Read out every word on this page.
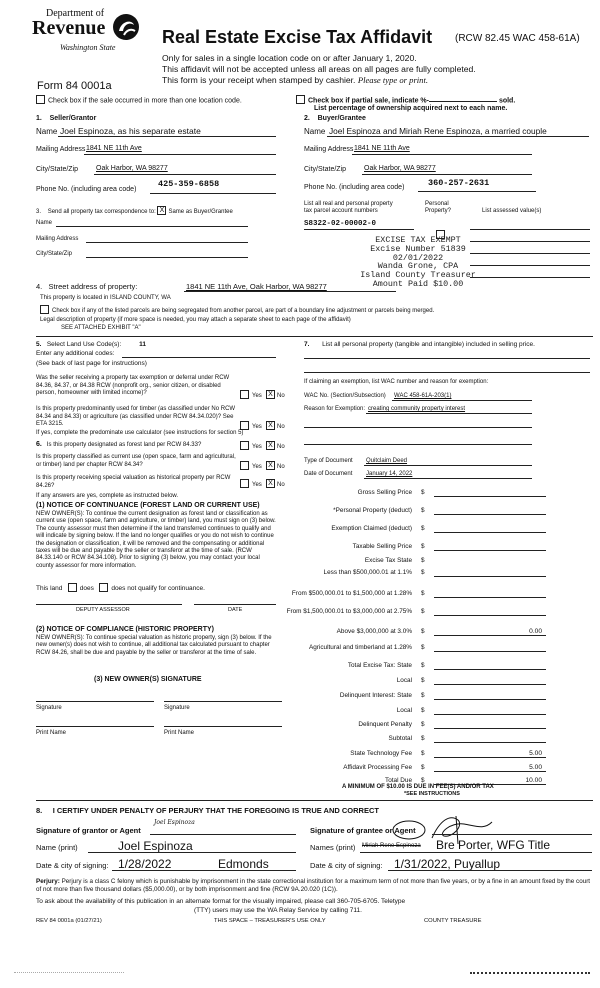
Department of
Revenue
Washington State
Form 84 0001a
Real Estate Excise Tax Affidavit (RCW 82.45 WAC 458-61A)
Only for sales in a single location code on or after January 1, 2020.
This affidavit will not be accepted unless all areas on all pages are fully completed.
This form is your receipt when stamped by cashier. Please type or print.
Check box if the sale occurred in more than one location code.	Check box if partial sale, indicate %-	sold.
List percentage of ownership acquired next to each name.
1. Seller/Grantor
Name Joel Espinoza, as his separate estate
Mailing Address 1841 NE 11th Ave
City/State/Zip	Oak Harbor, WA 98277
Phone No. (including area code)
425-359-6858
2. Buyer/Grantee
Name Joel Espinoza and Miriah Rene Espinoza, a married couple
Mailing Address 1841 NE 11th Ave
City/State/Zip	Oak Harbor, WA 98277
Phone No. (including area code)	360-257-2631
3. Send all property tax correspondence to: X Same as Buyer/Grantee
Name
Mailing Address
City/State/Zip
List all real and personal property
tax parcel account numbers
Personal
Property?	List assessed value(s)
S8322-02-00002-0
EXCISE TAX EXEMPT
Excise Number 51839
02/01/2022
Wanda Grone, CPA
Island County Treasurer
Amount Paid $10.00
4. Street address of property:	1841 NE 11th Ave, Oak Harbor, WA 98277
This property is located in ISLAND COUNTY, WA
Check box if any of the listed parcels are being segregated from another parcel, are part of a boundary line adjustment or parcels being merged.
Legal description of property (if more space is needed, you may attach a separate sheet to each page of the affidavit)
SEE ATTACHED EXHIBIT "A"
5. Select Land Use Code(s):	11
Enter any additional codes:
(See back of last page for instructions)
Was the seller receiving a property tax exemption or deferral under RCW 84.36, 84.37, or 84.38 RCW (nonprofit org., senior citizen, or disabled person, homeowner with limited income)?	Yes X No
Is this property predominantly used for timber (as classified under No RCW 84.34 and 84.33) or agriculture (as classified under RCW 84.34.020)? See ETA 3215.	Yes X No
If yes, complete the predominate use calculator (see instructions for section 5)
6. Is this property designated as forest land per RCW 84.33?	Yes X No
Is this property classified as current use (open space, farm and agricultural, or timber) land per chapter RCW 84.34?	Yes X No
Is this property receiving special valuation as historical property per RCW 84.26?	Yes X No
If any answers are yes, complete as instructed below.
(1) NOTICE OF CONTINUANCE (FOREST LAND OR CURRENT USE)
NEW OWNER(S): To continue the current designation as forest land or classification as current use (open space, farm and agriculture, or timber) land, you must sign on (3) below. The county assessor must then determine if the land transferred continues to qualify and will indicate by signing below. If the land no longer qualifies or you do not wish to continue the designation or classification, it will be removed and the compensating or additional taxes will be due and payable by the seller or transferor at the time of sale. (RCW 84.33.140 or RCW 84.34.108). Prior to signing (3) below, you may contact your local county assessor for more information.
This land	does	does not qualify for continuance.
DEPUTY ASSESSOR	DATE
(2) NOTICE OF COMPLIANCE (HISTORIC PROPERTY)
NEW OWNER(S): To continue special valuation as historic property, sign (3) below. If the new owner(s) does not wish to continue, all additional tax calculated pursuant to chapter RCW 84.26, shall be due and payable by the seller or transferor at the time of sale.
(3) NEW OWNER(S) SIGNATURE
Signature	Signature
Print Name	Print Name
7. List all personal property (tangible and intangible) included in selling price.
If claiming an exemption, list WAC number and reason for exemption:
WAC No. (Section/Subsection) WAC 458-61A-203(1)
Reason for Exemption: creating community property interest
Type of Document Quitclaim Deed
Date of Document January 14, 2022
Gross Selling Price $
*Personal Property (deduct) $
Exemption Claimed (deduct) $
Taxable Selling Price $
Excise Tax State $
Less than $500,000.01 at 1.1% $
From $500,000.01 to $1,500,000 at 1.28% $
From $1,500,000.01 to $3,000,000 at 2.75% $
Above $3,000,000 at 3.0% $	0.00
Agricultural and timberland at 1.28% $
Total Excise Tax: State $
Local $
Delinquent Interest: State $
Local $
Delinquent Penalty $
Subtotal $
State Technology Fee $	5.00
Affidavit Processing Fee $	5.00
Total Due $	10.00
A MINIMUM OF $10.00 IS DUE IN FEE(S) AND/OR TAX
*SEE INSTRUCTIONS
8. I CERTIFY UNDER PENALTY OF PERJURY THAT THE FOREGOING IS TRUE AND CORRECT
Signature of grantor or Agent
Joel Espinoza
Signature of grantee or Agent
Name (print)	Joel Espinoza	Names (print) Miriah Rene Espinoza Bre Porter, WFG Title
Date & city of signing: 1/28/2022	Edmonds	Date & city of signing: 1/31/2022, Puyallup
Perjury: Perjury is a class C felony which is punishable by imprisonment in the state correctional institution for a maximum term of not more than five years, or by a fine in an amount fixed by the court of not more than five thousand dollars ($5,000.00), or by both imprisonment and fine (RCW 9A.20.020 (1C)).
To ask about the availability of this publication in an alternate format for the visually impaired, please call 360-705-6705. Teletype
(TTY) users may use the WA Relay Service by calling 711.
REV 84 0001a (01/27/21)	THIS SPACE – TREASURER'S USE ONLY	COUNTY TREASURE
